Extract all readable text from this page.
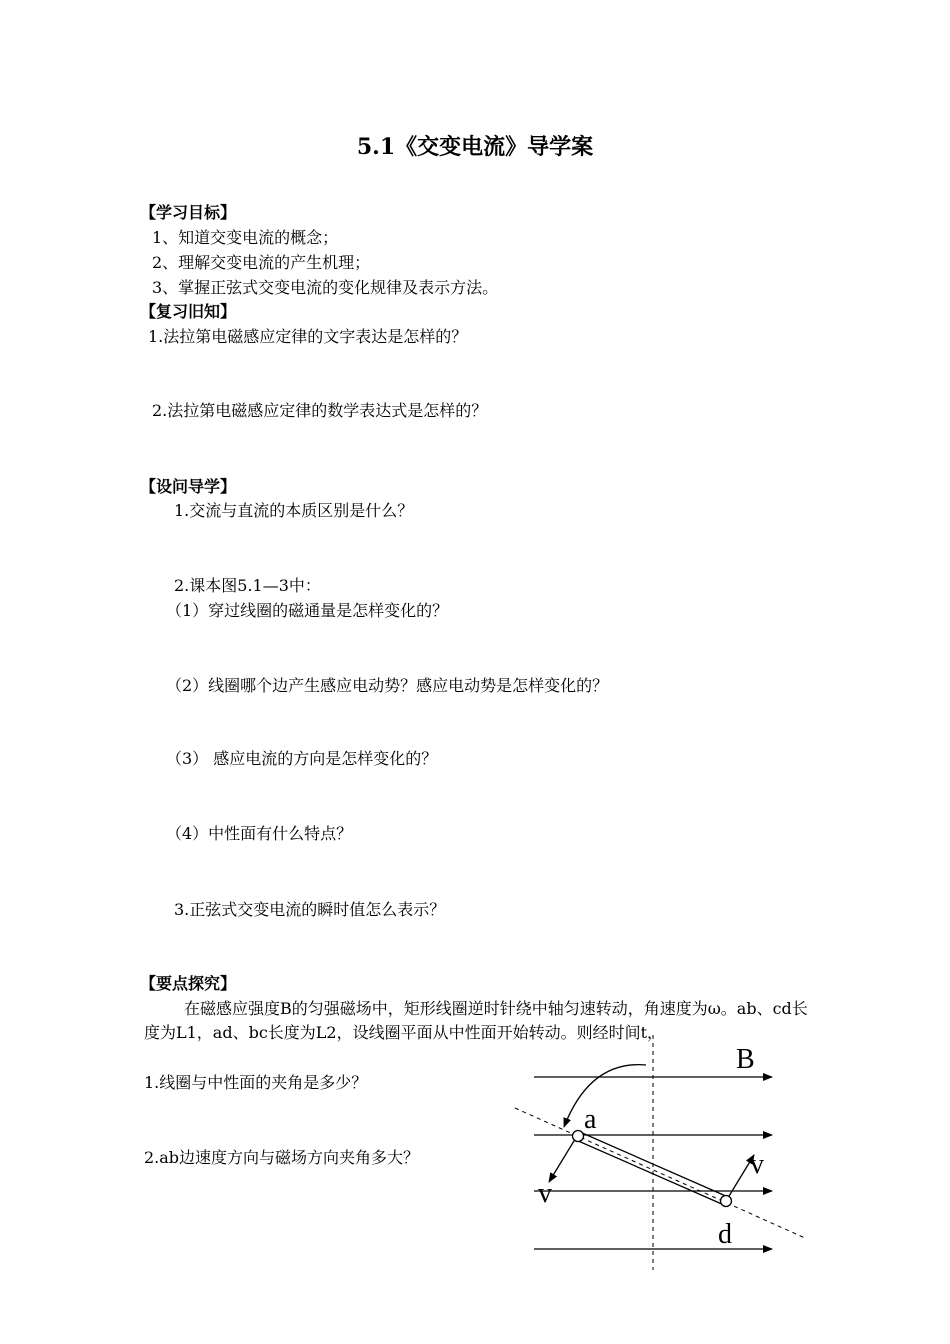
5.1《交变电流》导学案
【学习目标】
1、知道交变电流的概念；
2、理解交变电流的产生机理；
3、掌握正弦式交变电流的变化规律及表示方法。
【复习旧知】
1.法拉第电磁感应定律的文字表达是怎样的？
2.法拉第电磁感应定律的数学表达式是怎样的？
【设问导学】
1.交流与直流的本质区别是什么？
2.课本图5.1—3中：
（1）穿过线圈的磁通量是怎样变化的？
（2）线圈哪个边产生感应电动势？感应电动势是怎样变化的？
（3） 感应电流的方向是怎样变化的？
（4）中性面有什么特点？
3.正弦式交变电流的瞬时值怎么表示？
【要点探究】
在磁感应强度B的匀强磁场中，矩形线圈逆时针绕中轴匀速转动，角速度为ω。ab、cd长度为L1，ad、bc长度为L2，设线圈平面从中性面开始转动。则经时间t，
1.线圈与中性面的夹角是多少？
2.ab边速度方向与磁场方向夹角多大？
B
a
v
v
d
